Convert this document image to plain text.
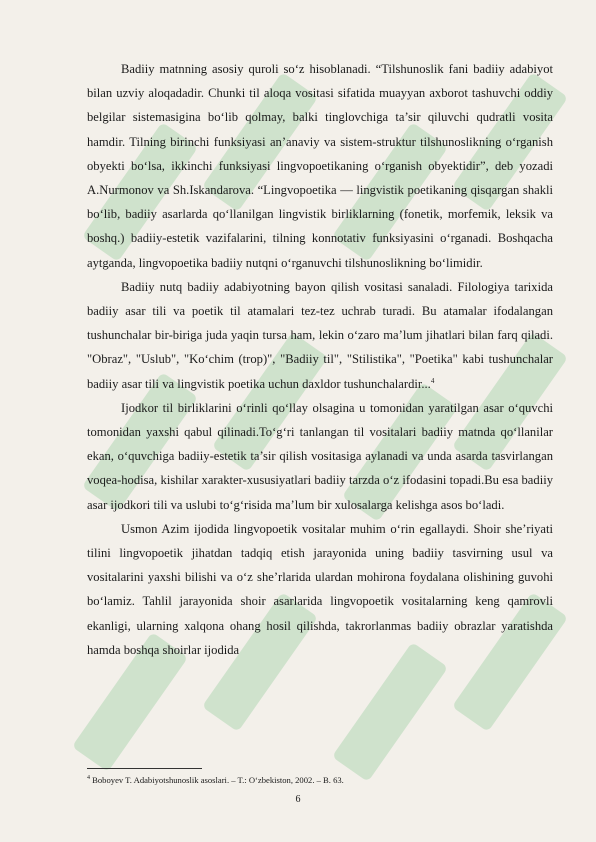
Badiiy matnning asosiy quroli so‘z hisoblanadi. “Tilshunoslik fani badiiy adabiyot bilan uzviy aloqadadir. Chunki til aloqa vositasi sifatida muayyan axborot tashuvchi oddiy belgilar sistemasigina bo‘lib qolmay, balki tinglovchiga ta’sir qiluvchi qudratli vosita hamdir. Tilning birinchi funksiyasi an’anaviy va sistem-struktur tilshunoslikning o‘rganish obyekti bo‘lsa, ikkinchi funksiyasi lingvopoetikaning o‘rganish obyektidir”, deb yozadi A.Nurmonov va Sh.Iskandarova. “Lingvopoetika — lingvistik poetikaning qisqargan shakli bo‘lib, badiiy asarlarda qo‘llanilgan lingvistik birliklarning (fonetik, morfemik, leksik va boshq.) badiiy-estetik vazifalarini, tilning konnotativ funksiyasini o‘rganadi. Boshqacha aytganda, lingvopoetika badiiy nutqni o‘rganuvchi tilshunoslikning bo‘limidir.

Badiiy nutq badiiy adabiyotning bayon qilish vositasi sanaladi. Filologiya tarixida badiiy asar tili va poetik til atamalari tez-tez uchrab turadi. Bu atamalar ifodalangan tushunchalar bir-biriga juda yaqin tursa ham, lekin o‘zaro ma’lum jihatlari bilan farq qiladi. "Obraz", "Uslub", "Ko‘chim (trop)", "Badiiy til", "Stilistika", "Poetika" kabi tushunchalar badiiy asar tili va lingvistik poetika uchun daxldor tushunchalardir...$^4$

Ijodkor til birliklarini o‘rinli qo‘llay olsagina u tomonidan yaratilgan asar o‘quvchi tomonidan yaxshi qabul qilinadi.To‘g‘ri tanlangan til vositalari badiiy matnda qo‘llanilar ekan, o‘quvchiga badiiy-estetik ta’sir qilish vositasiga aylanadi va unda asarda tasvirlangan voqea-hodisa, kishilar xarakter-xususiyatlari badiiy tarzda o‘z ifodasini topadi.Bu esa badiiy asar ijodkori tili va uslubi to‘g‘risida ma’lum bir xulosalarga kelishga asos bo‘ladi.

Usmon Azim ijodida lingvopoetik vositalar muhim o‘rin egallaydi. Shoir she’riyati tilini lingvopoetik jihatdan tadqiq etish jarayonida uning badiiy tasvirning usul va vositalarini yaxshi bilishi va o‘z she’rlarida ulardan mohirona foydalana olishining guvohi bo‘lamiz. Tahlil jarayonida shoir asarlarida lingvopoetik vositalarning keng qamrovli ekanligi, ularning xalqona ohang hosil qilishda, takrorlanmas badiiy obrazlar yaratishda hamda boshqa shoirlar ijodida

$^4$ Boboyev T. Adabiyotshunoslik asoslari. – T.: O‘zbekiston, 2002. – B. 63.
6
